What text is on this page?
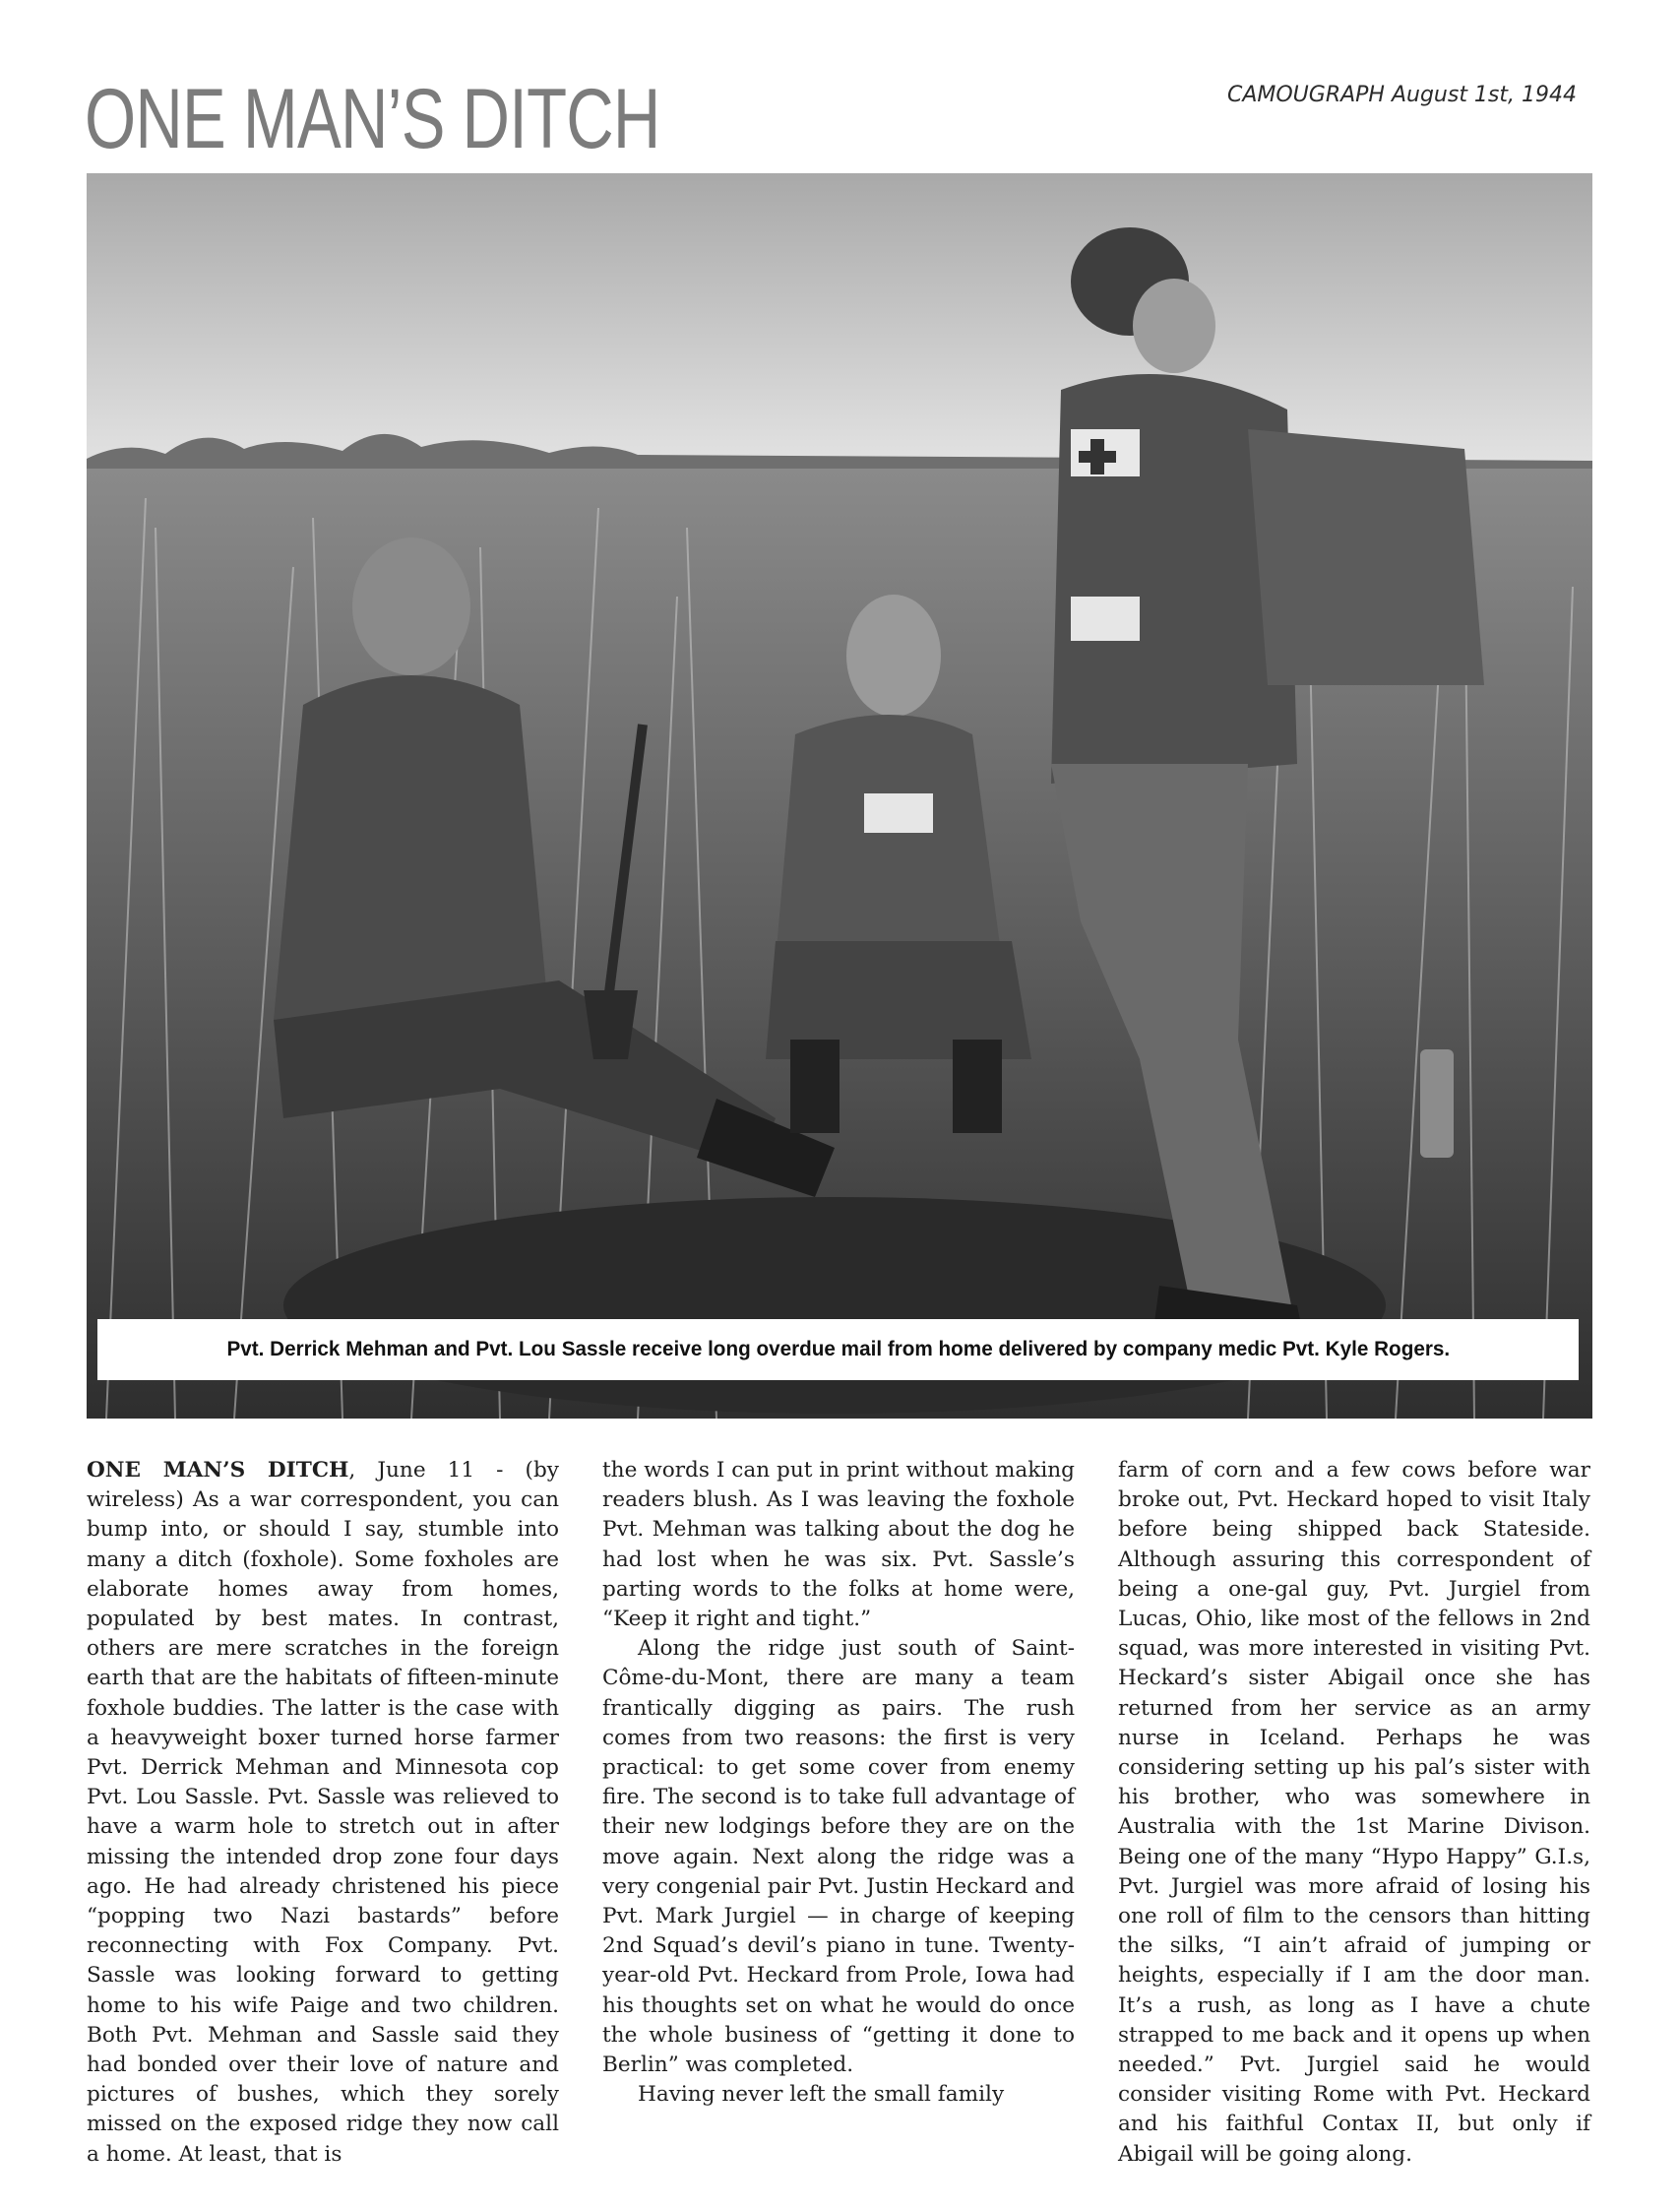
ONE MAN’S DITCH	CAMOUGRAPH August 1st, 1944
Pvt. Derrick Mehman and Pvt. Lou Sassle receive long overdue mail from home delivered by company medic Pvt. Kyle Rogers.

ONE MAN’S DITCH, June 11 - (by wireless) As a war correspondent, you can bump into, or should I say, stumble into many a ditch (foxhole). Some foxholes are elaborate homes away from homes, populated by best mates. In contrast, others are mere scratches in the foreign earth that are the habitats of fifteen-minute foxhole buddies. The latter is the case with a heavyweight boxer turned horse farmer Pvt. Derrick Mehman and Minnesota cop Pvt. Lou Sassle. Pvt. Sassle was relieved to have a warm hole to stretch out in after missing the intended drop zone four days ago. He had already christened his piece “popping two Nazi bastards” before reconnecting with Fox Company. Pvt. Sassle was looking forward to getting home to his wife Paige and two children. Both Pvt. Mehman and Sassle said they had bonded over their love of nature and pictures of bushes, which they sorely missed on the exposed ridge they now call a home. At least, that is

the words I can put in print without making readers blush. As I was leaving the foxhole Pvt. Mehman was talking about the dog he had lost when he was six. Pvt. Sassle’s parting words to the folks at home were, “Keep it right and tight.”

Along the ridge just south of Saint-Côme-du-Mont, there are many a team frantically digging as pairs. The rush comes from two reasons: the first is very practical: to get some cover from enemy fire. The second is to take full advantage of their new lodgings before they are on the move again. Next along the ridge was a very congenial pair Pvt. Justin Heckard and Pvt. Mark Jurgiel — in charge of keeping 2nd Squad’s devil’s piano in tune. Twenty-year-old Pvt. Heckard from Prole, Iowa had his thoughts set on what he would do once the whole business of “getting it done to Berlin” was completed.

Having never left the small family

farm of corn and a few cows before war broke out, Pvt. Heckard hoped to visit Italy before being shipped back Stateside. Although assuring this correspondent of being a one-gal guy, Pvt. Jurgiel from Lucas, Ohio, like most of the fellows in 2nd squad, was more interested in visiting Pvt. Heckard’s sister Abigail once she has returned from her service as an army nurse in Iceland. Perhaps he was considering setting up his pal’s sister with his brother, who was somewhere in Australia with the 1st Marine Divison. Being one of the many “Hypo Happy” G.I.s, Pvt. Jurgiel was more afraid of losing his one roll of film to the censors than hitting the silks, “I ain’t afraid of jumping or heights, especially if I am the door man. It’s a rush, as long as I have a chute strapped to me back and it opens up when needed.” Pvt. Jurgiel said he would consider visiting Rome with Pvt. Heckard and his faithful Contax II, but only if Abigail will be going along.
